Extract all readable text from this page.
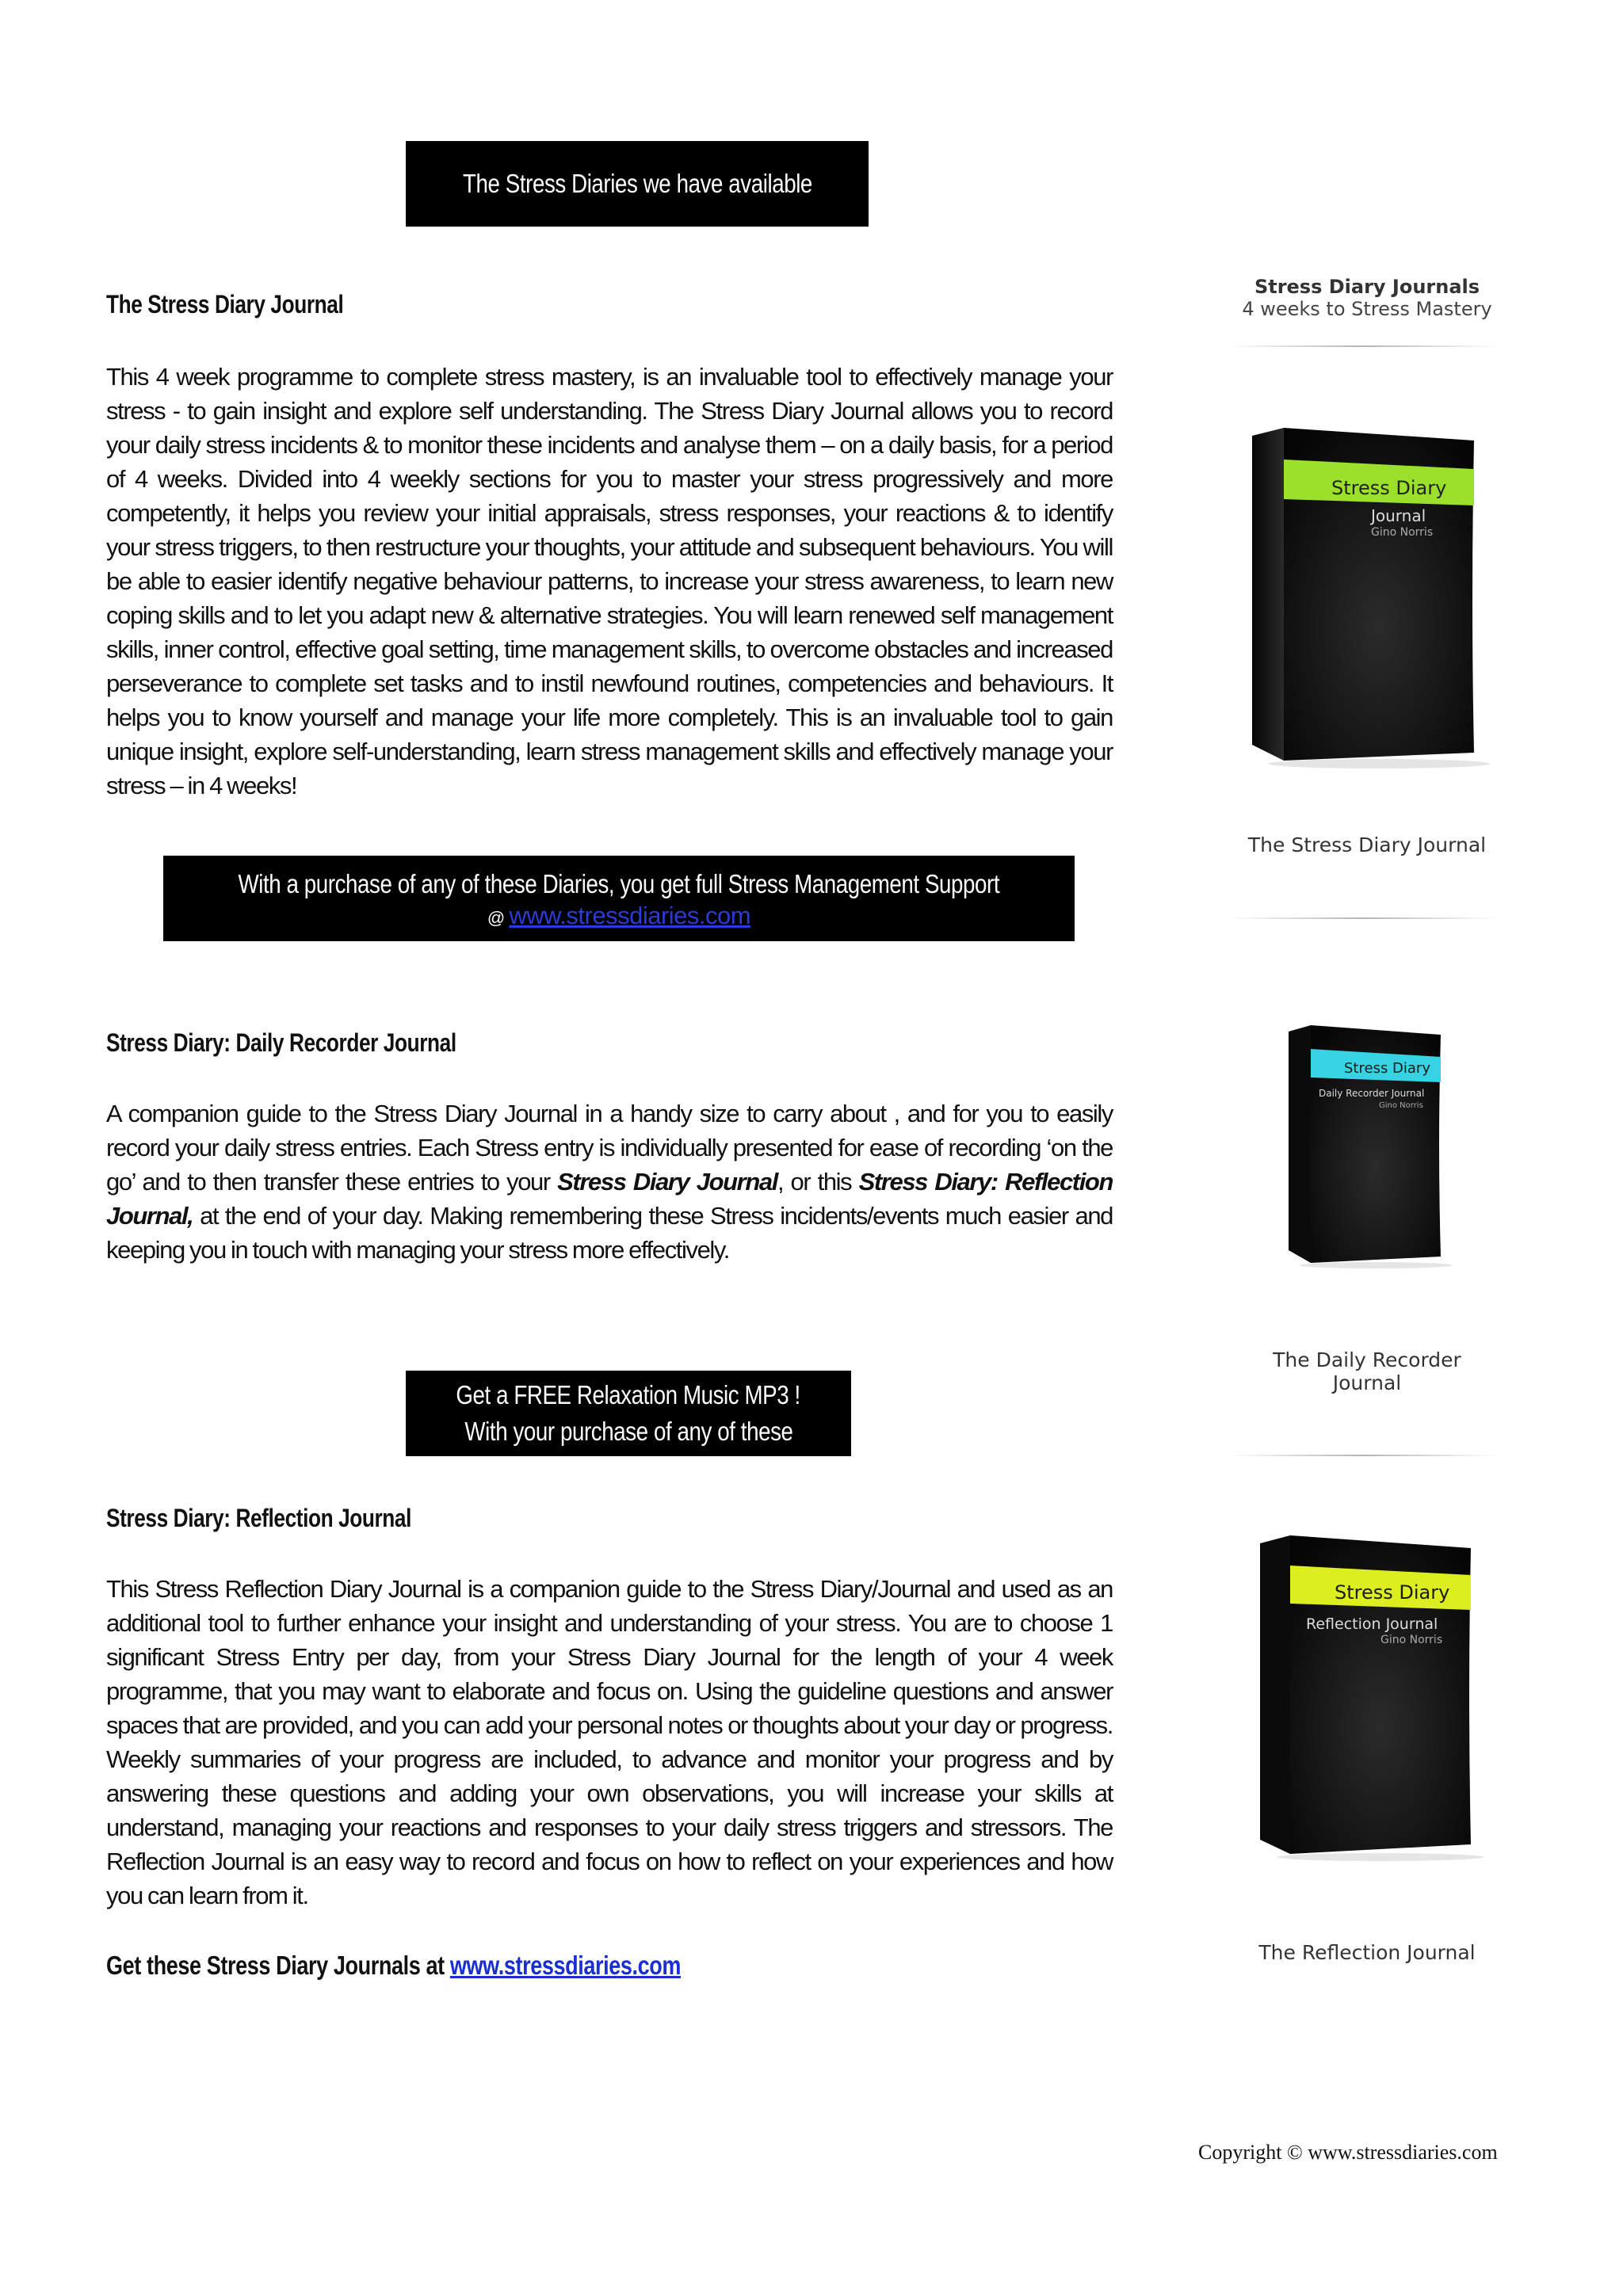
The Stress Diaries we have available
The Stress Diary Journal

This 4 week programme to complete stress mastery, is an invaluable tool to effectively manage your stress - to gain insight and explore self understanding. The Stress Diary Journal allows you to record your daily stress incidents & to monitor these incidents and analyse them – on a daily basis, for a period of 4 weeks. Divided into 4 weekly sections for you to master your stress progressively and more competently, it helps you review your initial appraisals, stress responses, your reactions & to identify your stress triggers, to then restructure your thoughts, your attitude and subsequent behaviours. You will be able to easier identify negative behaviour patterns, to increase your stress awareness, to learn new coping skills and to let you adapt new & alternative strategies. You will learn renewed self management skills, inner control, effective goal setting, time management skills, to overcome obstacles and increased perseverance to complete set tasks and to instil newfound routines, competencies and behaviours. It helps you to know yourself and manage your life more completely. This is an invaluable tool to gain unique insight, explore self-understanding, learn stress management skills and effectively manage your stress – in 4 weeks!

With a purchase of any of these Diaries, you get full Stress Management Support
@ www.stressdiaries.com
Stress Diary: Daily Recorder Journal

A companion guide to the Stress Diary Journal in a handy size to carry about , and for you to easily record your daily stress entries. Each Stress entry is individually presented for ease of recording ‘on the go’ and to then transfer these entries to your Stress Diary Journal, or this Stress Diary: Reflection Journal, at the end of your day. Making remembering these Stress incidents/events much easier and keeping you in touch with managing your stress more effectively.

Get a FREE Relaxation Music MP3 !
With your purchase of any of these
Stress Diary: Reflection Journal

This Stress Reflection Diary Journal is a companion guide to the Stress Diary/Journal and used as an additional tool to further enhance your insight and understanding of your stress. You are to choose 1 significant Stress Entry per day, from your Stress Diary Journal for the length of your 4 week programme, that you may want to elaborate and focus on. Using the guideline questions and answer spaces that are provided, and you can add your personal notes or thoughts about your day or progress. Weekly summaries of your progress are included, to advance and monitor your progress and by answering these questions and adding your own observations, you will increase your skills at understand, managing your reactions and responses to your daily stress triggers and stressors. The Reflection Journal is an easy way to record and focus on how to reflect on your experiences and how you can learn from it.

Get these Stress Diary Journals at www.stressdiaries.com

Copyright © www.stressdiaries.com
Stress Diary Journals
4 weeks to Stress Mastery
Stress Diary
Journal
Gino Norris
The Stress Diary Journal
Stress Diary
Daily Recorder Journal
Gino Norris
The Daily Recorder
Journal
Stress Diary
Reflection Journal
Gino Norris
The Reflection Journal
